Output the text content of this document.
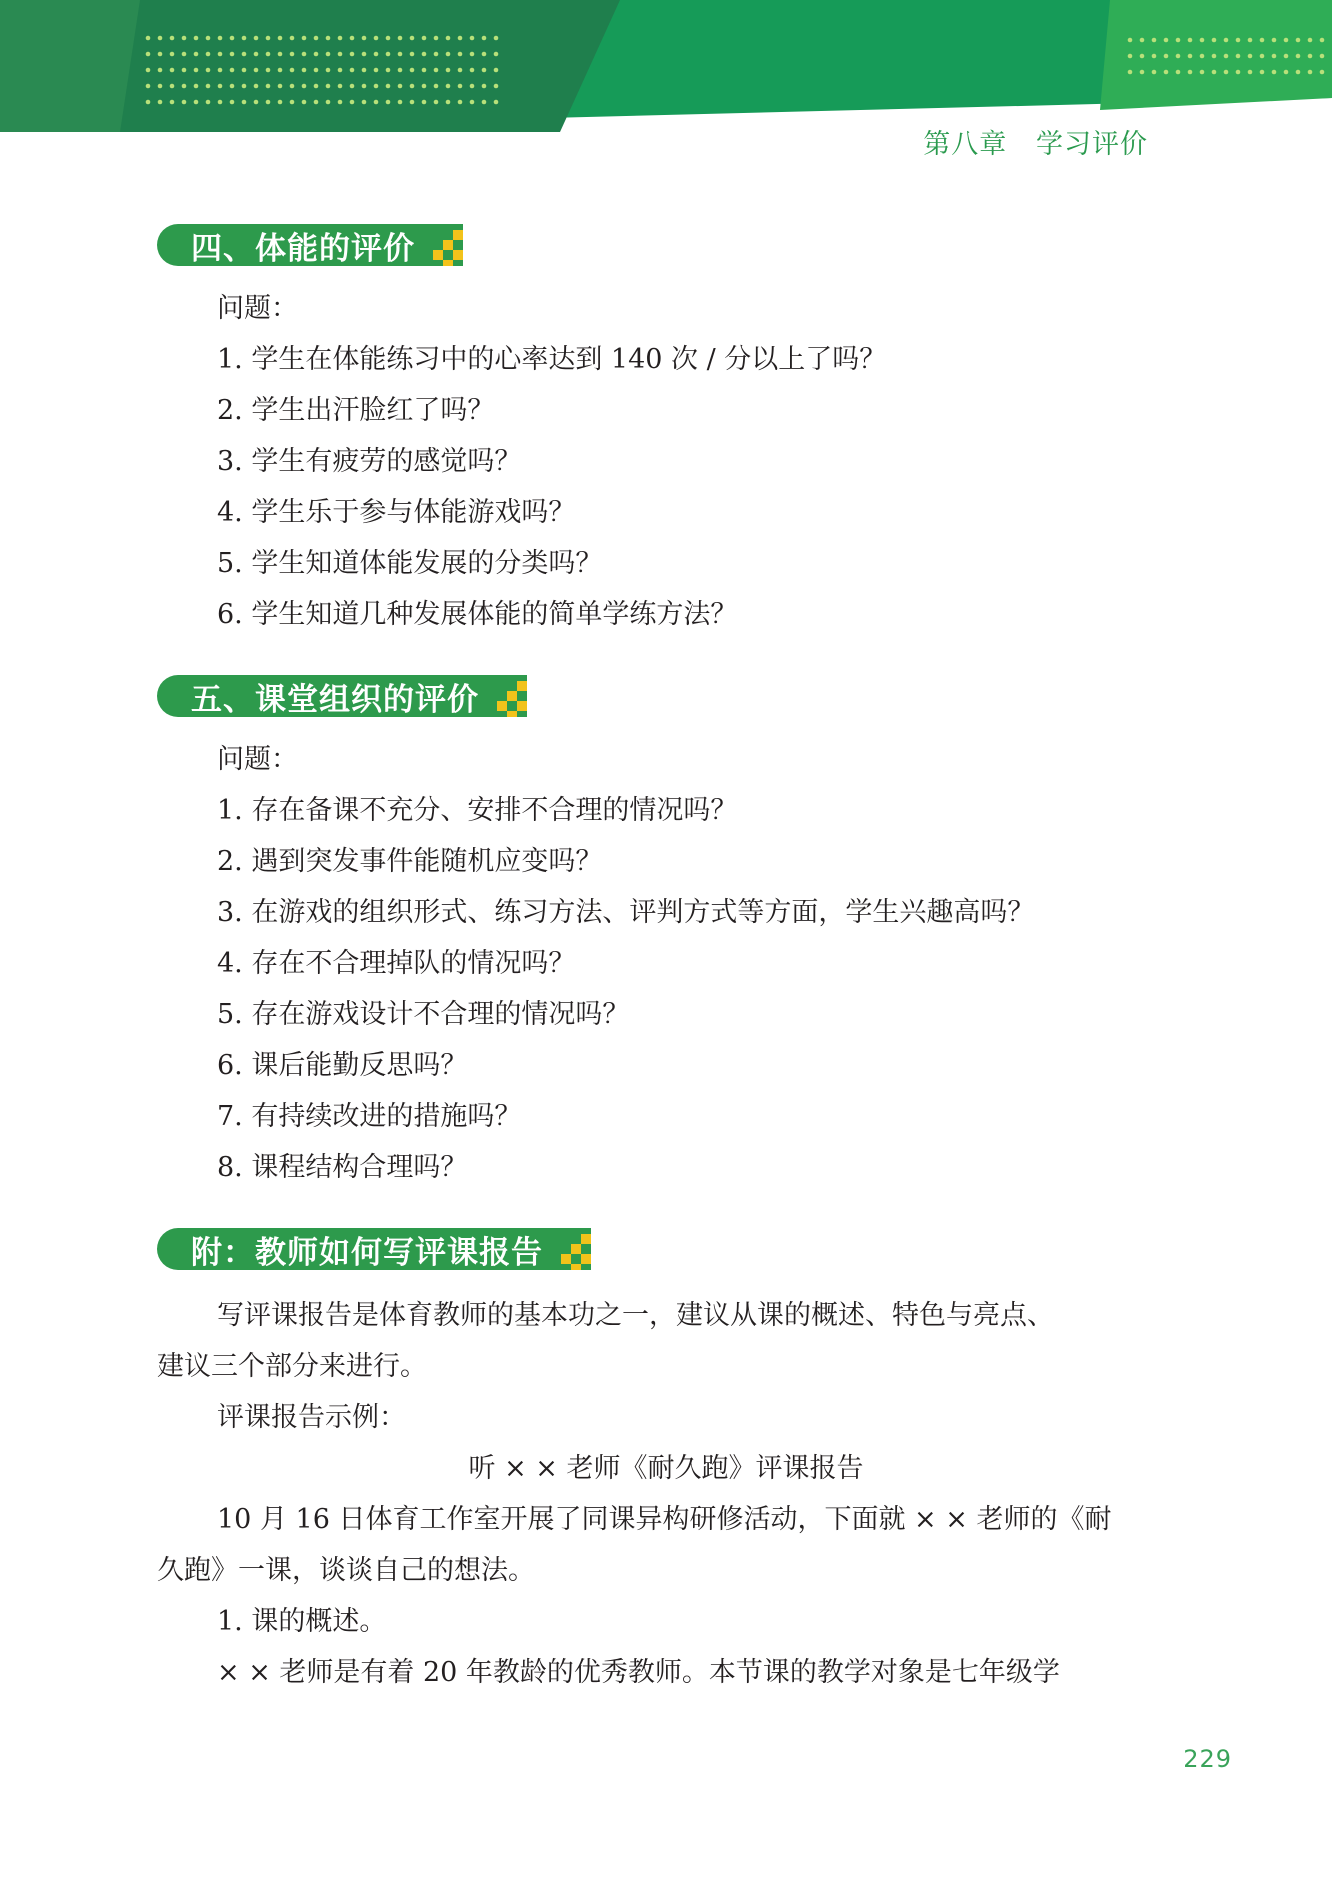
第八章 学习评价
四、体能的评价
问题：
1. 学生在体能练习中的心率达到 140 次 / 分以上了吗？
2. 学生出汗脸红了吗？
3. 学生有疲劳的感觉吗？
4. 学生乐于参与体能游戏吗？
5. 学生知道体能发展的分类吗？
6. 学生知道几种发展体能的简单学练方法？
五、课堂组织的评价
问题：
1. 存在备课不充分、安排不合理的情况吗？
2. 遇到突发事件能随机应变吗？
3. 在游戏的组织形式、练习方法、评判方式等方面，学生兴趣高吗？
4. 存在不合理掉队的情况吗？
5. 存在游戏设计不合理的情况吗？
6. 课后能勤反思吗？
7. 有持续改进的措施吗？
8. 课程结构合理吗？
附：教师如何写评课报告
写评课报告是体育教师的基本功之一，建议从课的概述、特色与亮点、
建议三个部分来进行。
评课报告示例：
听 × × 老师《耐久跑》评课报告
10 月 16 日体育工作室开展了同课异构研修活动，下面就 × × 老师的《耐
久跑》一课，谈谈自己的想法。
1. 课的概述。
× × 老师是有着 20 年教龄的优秀教师。本节课的教学对象是七年级学
229
